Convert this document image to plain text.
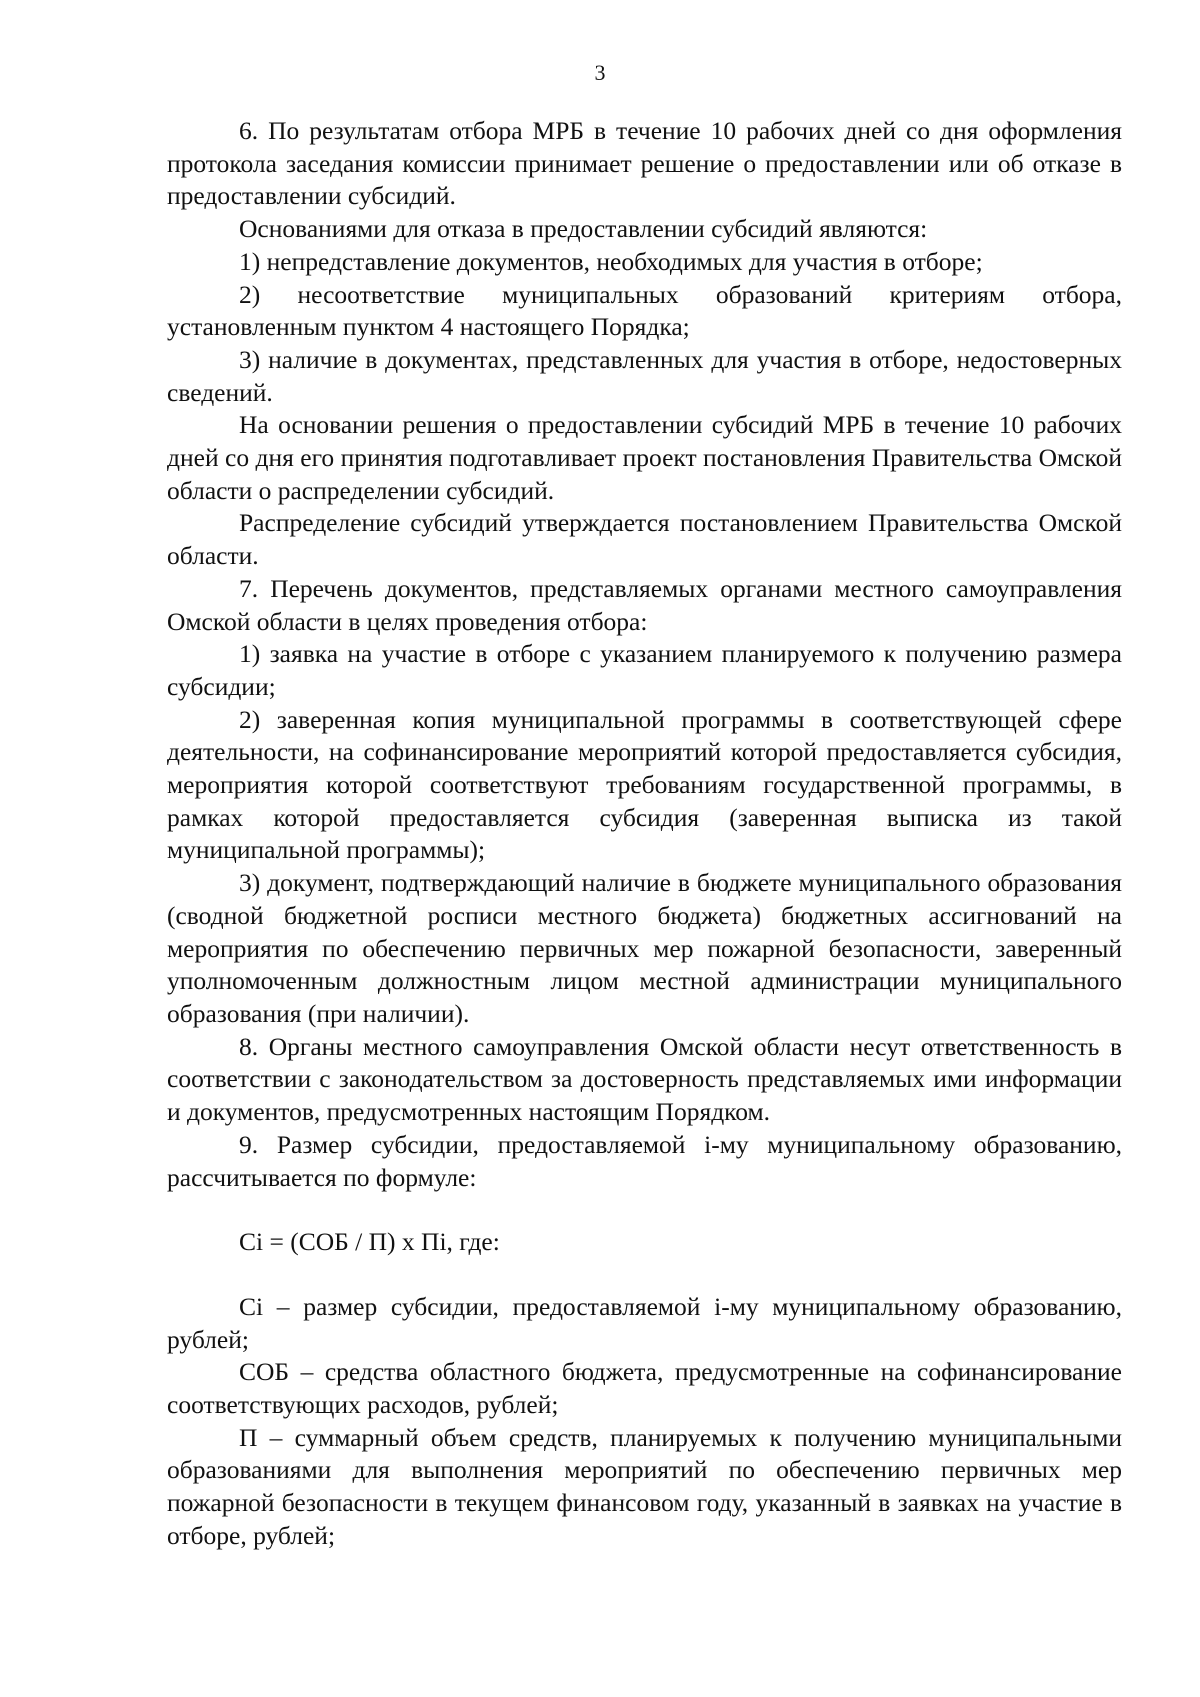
3

6. По результатам отбора МРБ в течение 10 рабочих дней со дня оформления протокола заседания комиссии принимает решение о предоставлении или об отказе в предоставлении субсидий.

Основаниями для отказа в предоставлении субсидий являются:

1) непредставление документов, необходимых для участия в отборе;

2) несоответствие муниципальных образований критериям отбора, установленным пунктом 4 настоящего Порядка;

3) наличие в документах, представленных для участия в отборе, недостоверных сведений.

На основании решения о предоставлении субсидий МРБ в течение 10 рабочих дней со дня его принятия подготавливает проект постановления Правительства Омской области о распределении субсидий.

Распределение субсидий утверждается постановлением Правительства Омской области.

7. Перечень документов, представляемых органами местного самоуправления Омской области в целях проведения отбора:

1) заявка на участие в отборе с указанием планируемого к получению размера субсидии;

2) заверенная копия муниципальной программы в соответствующей сфере деятельности, на софинансирование мероприятий которой предоставляется субсидия, мероприятия которой соответствуют требованиям государственной программы, в рамках которой предоставляется субсидия (заверенная выписка из такой муниципальной программы);

3) документ, подтверждающий наличие в бюджете муниципального образования (сводной бюджетной росписи местного бюджета) бюджетных ассигнований на мероприятия по обеспечению первичных мер пожарной безопасности, заверенный уполномоченным должностным лицом местной администрации муниципального образования (при наличии).

8. Органы местного самоуправления Омской области несут ответственность в соответствии с законодательством за достоверность представляемых ими информации и документов, предусмотренных настоящим Порядком.

9. Размер субсидии, предоставляемой i-му муниципальному образованию, рассчитывается по формуле:

Ci = (СОБ / П) x Пi, где:

Ci – размер субсидии, предоставляемой i-му муниципальному образованию, рублей;

СОБ – средства областного бюджета, предусмотренные на софинансирование соответствующих расходов, рублей;

П – суммарный объем средств, планируемых к получению муниципальными образованиями для выполнения мероприятий по обеспечению первичных мер пожарной безопасности в текущем финансовом году, указанный в заявках на участие в отборе, рублей;
